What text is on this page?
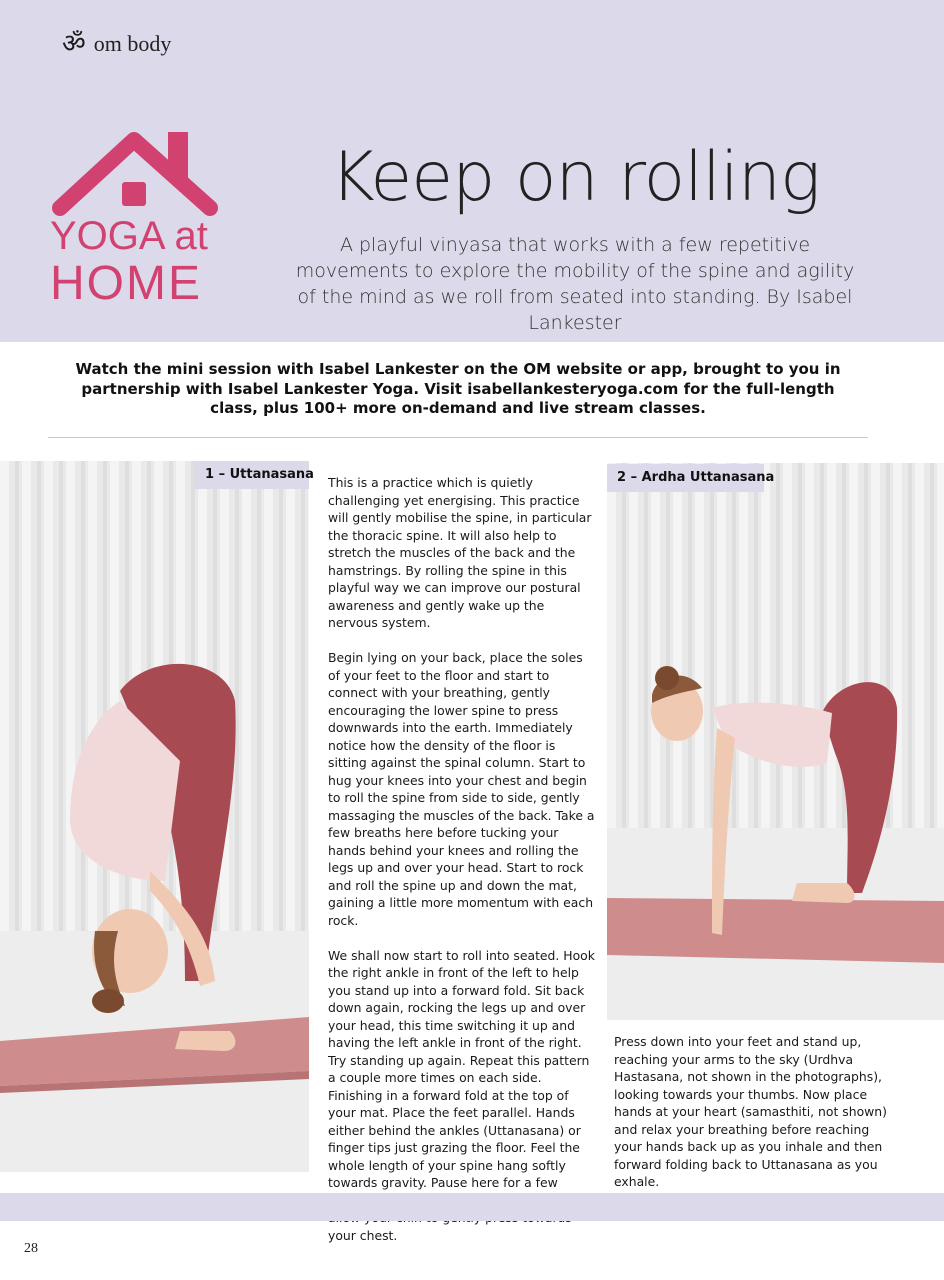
ॐ om body
YOGA at
HOME
Keep on rolling

A playful vinyasa that works with a few repetitive movements to explore the mobility of the spine and agility of the mind as we roll from seated into standing. By Isabel Lankester

Watch the mini session with Isabel Lankester on the OM website or app, brought to you in partnership with Isabel Lankester Yoga. Visit isabellankesteryoga.com for the full-length class, plus 100+ more on-demand and live stream classes.

1 – Uttanasana

This is a practice which is quietly challenging yet energising. This practice will gently mobilise the spine, in particular the thoracic spine. It will also help to stretch the muscles of the back and the hamstrings. By rolling the spine in this playful way we can improve our postural awareness and gently wake up the nervous system.

Begin lying on your back, place the soles of your feet to the floor and start to connect with your breathing, gently encouraging the lower spine to press downwards into the earth. Immediately notice how the density of the floor is sitting against the spinal column. Start to hug your knees into your chest and begin to roll the spine from side to side, gently massaging the muscles of the back. Take a few breaths here before tucking your hands behind your knees and rolling the legs up and over your head. Start to rock and roll the spine up and down the mat, gaining a little more momentum with each rock.

We shall now start to roll into seated. Hook the right ankle in front of the left to help you stand up into a forward fold. Sit back down again, rocking the legs up and over your head, this time switching it up and having the left ankle in front of the right. Try standing up again. Repeat this pattern a couple more times on each side. Finishing in a forward fold at the top of your mat. Place the feet parallel. Hands either behind the ankles (Uttanasana) or finger tips just grazing the floor. Feel the whole length of your spine hang softly towards gravity. Pause here for a few your chest.

2 – Ardha Uttanasana

Press down into your feet and stand up, reaching your arms to the sky (Urdhva Hastasana, not shown in the photographs), looking towards your thumbs. Now place hands at your heart (samasthiti, not shown) and relax your breathing before reaching your hands back up as you inhale and then forward folding back to Uttanasana as you exhale.

28
